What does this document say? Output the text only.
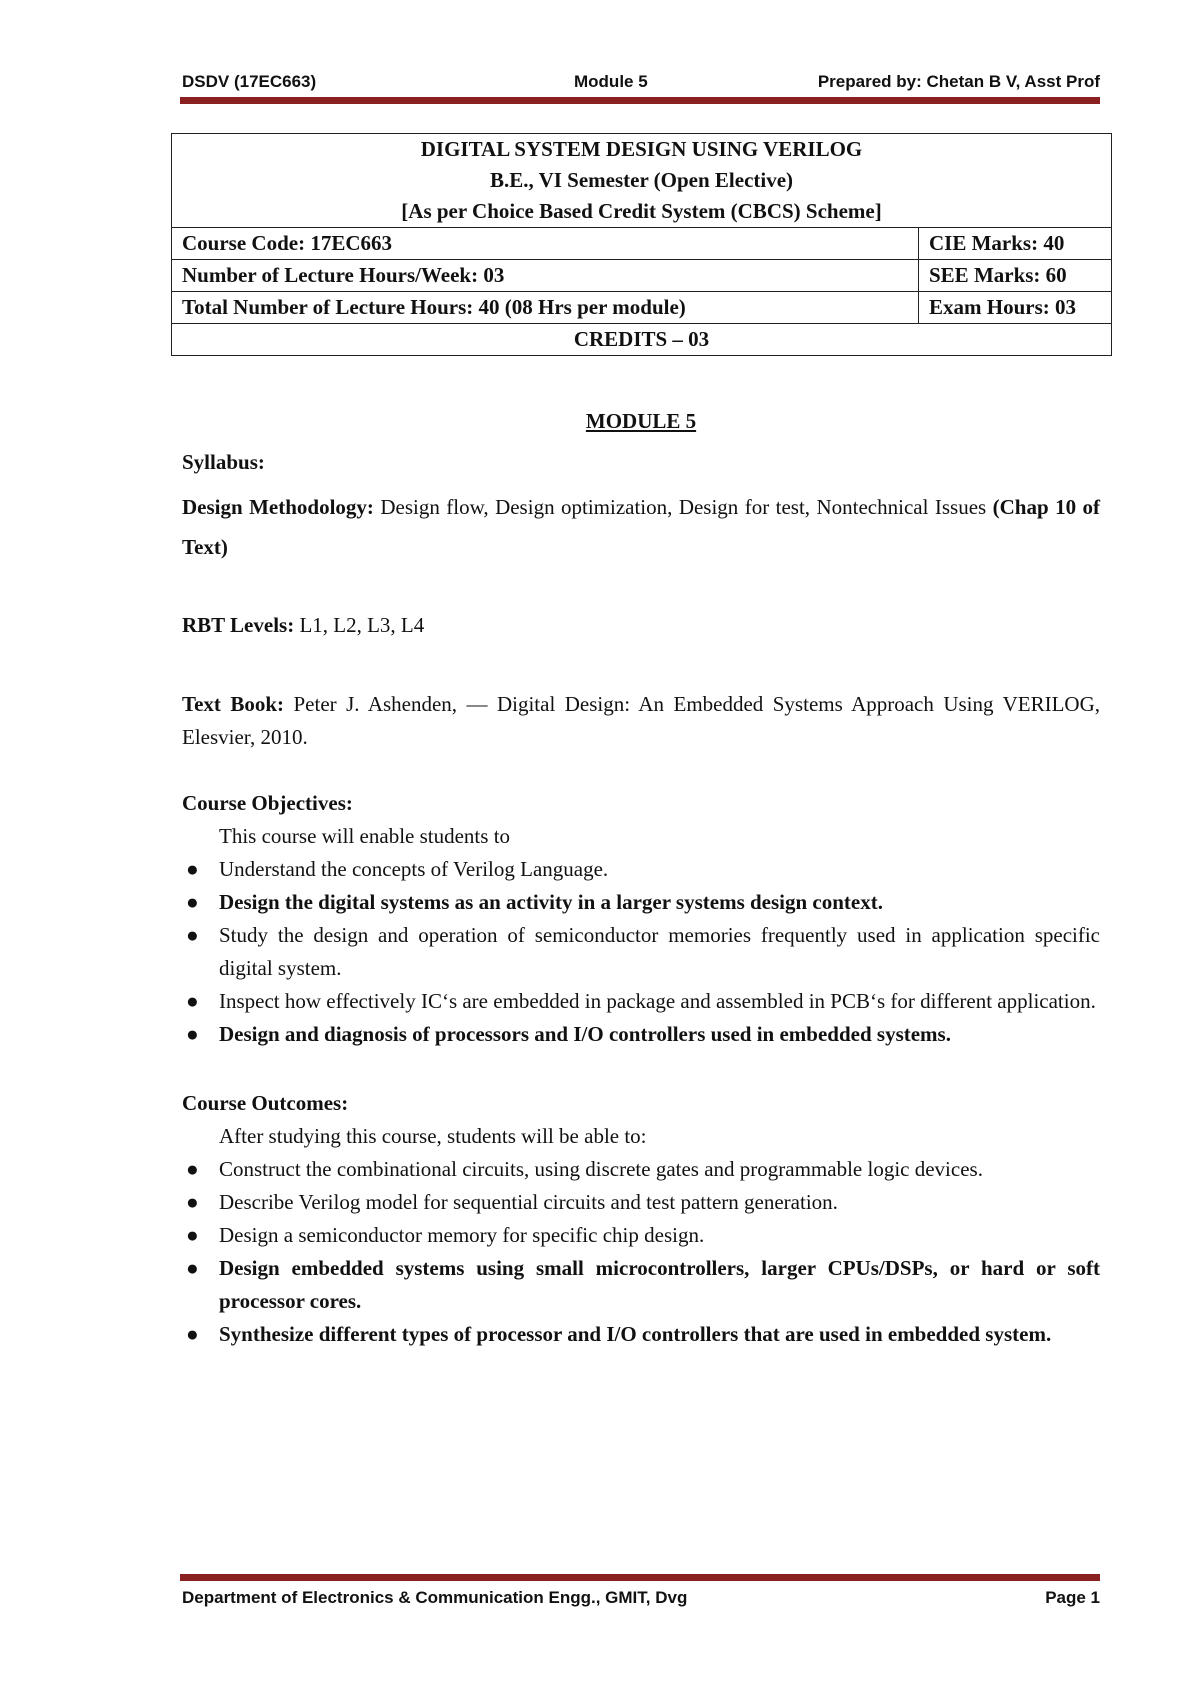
DSDV (17EC663)	Module 5	Prepared by: Chetan B V, Asst Prof
DIGITAL SYSTEM DESIGN USING VERILOG	
B.E., VI Semester (Open Elective)	
[As per Choice Based Credit System (CBCS) Scheme]	
Course Code: 17EC663	CIE Marks: 40
Number of Lecture Hours/Week: 03	SEE Marks: 60
Total Number of Lecture Hours: 40 (08 Hrs per module)	Exam Hours: 03
CREDITS – 03	

MODULE 5

Syllabus:

Design Methodology: Design flow, Design optimization, Design for test, Nontechnical Issues (Chap 10 of Text)

RBT Levels: L1, L2, L3, L4

Text Book: Peter J. Ashenden, — Digital Design: An Embedded Systems Approach Using VERILOG, Elesvier, 2010.

Course Objectives:

This course will enable students to

● Understand the concepts of Verilog Language.
● Design the digital systems as an activity in a larger systems design context.
● Study the design and operation of semiconductor memories frequently used in application specific digital system.
● Inspect how effectively IC‘s are embedded in package and assembled in PCB‘s for different application.
● Design and diagnosis of processors and I/O controllers used in embedded systems.

Course Outcomes:

After studying this course, students will be able to:

● Construct the combinational circuits, using discrete gates and programmable logic devices.
● Describe Verilog model for sequential circuits and test pattern generation.
● Design a semiconductor memory for specific chip design.
● Design embedded systems using small microcontrollers, larger CPUs/DSPs, or hard or soft processor cores.
● Synthesize different types of processor and I/O controllers that are used in embedded system.
Department of Electronics & Communication Engg., GMIT, Dvg	Page 1
